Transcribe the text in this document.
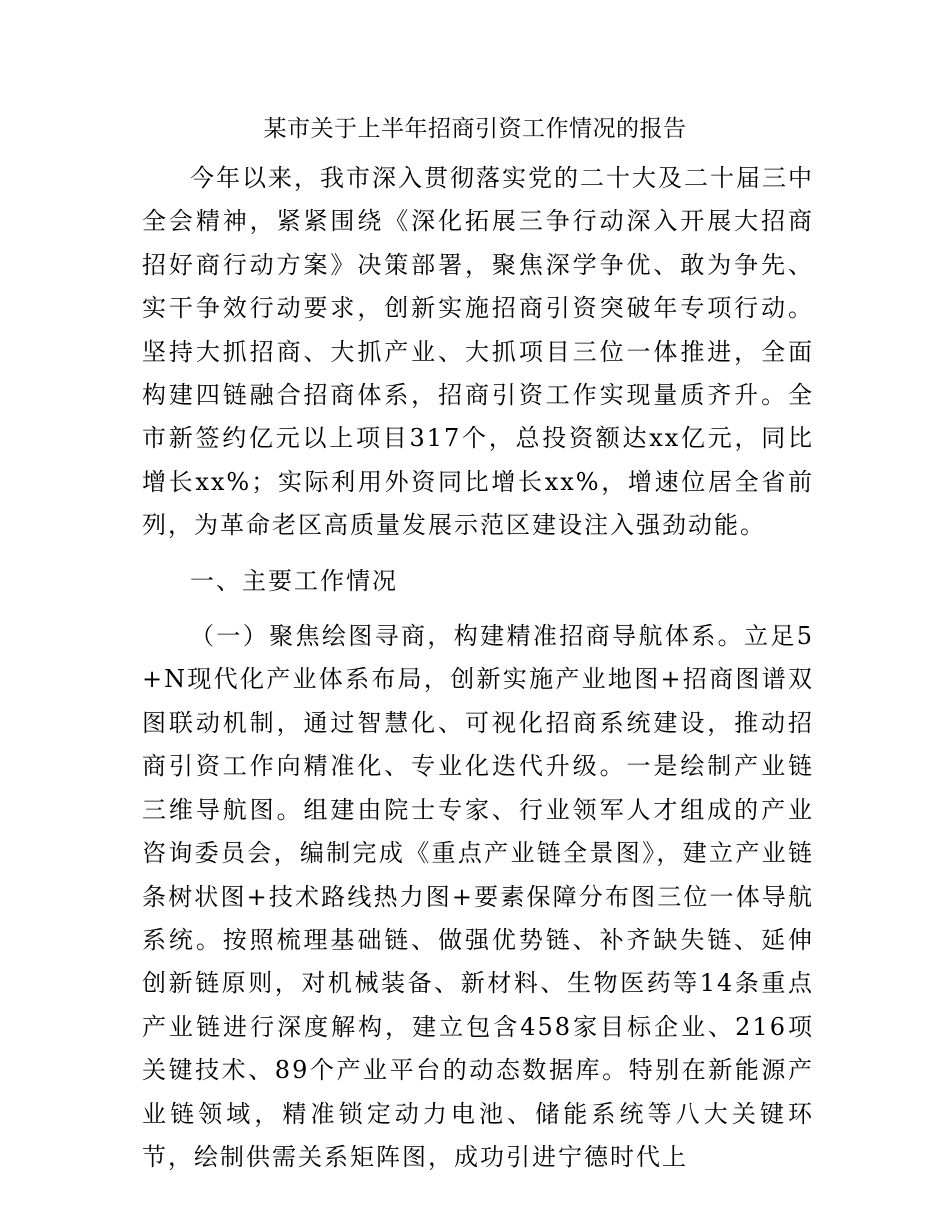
某市关于上半年招商引资工作情况的报告

今年以来，我市深入贯彻落实党的二十大及二十届三中全会精神，紧紧围绕《深化拓展三争行动深入开展大招商招好商行动方案》决策部署，聚焦深学争优、敢为争先、实干争效行动要求，创新实施招商引资突破年专项行动。坚持大抓招商、大抓产业、大抓项目三位一体推进，全面构建四链融合招商体系，招商引资工作实现量质齐升。全市新签约亿元以上项目317个，总投资额达xx亿元，同比增长xx%；实际利用外资同比增长xx%，增速位居全省前列，为革命老区高质量发展示范区建设注入强劲动能。

一、主要工作情况

（一）聚焦绘图寻商，构建精准招商导航体系。立足5+N现代化产业体系布局，创新实施产业地图+招商图谱双图联动机制，通过智慧化、可视化招商系统建设，推动招商引资工作向精准化、专业化迭代升级。一是绘制产业链三维导航图。组建由院士专家、行业领军人才组成的产业咨询委员会，编制完成《重点产业链全景图》，建立产业链条树状图+技术路线热力图+要素保障分布图三位一体导航系统。按照梳理基础链、做强优势链、补齐缺失链、延伸创新链原则，对机械装备、新材料、生物医药等14条重点产业链进行深度解构，建立包含458家目标企业、216项关键技术、89个产业平台的动态数据库。特别在新能源产业链领域，精准锁定动力电池、储能系统等八大关键环节，绘制供需关系矩阵图，成功引进宁德时代上
